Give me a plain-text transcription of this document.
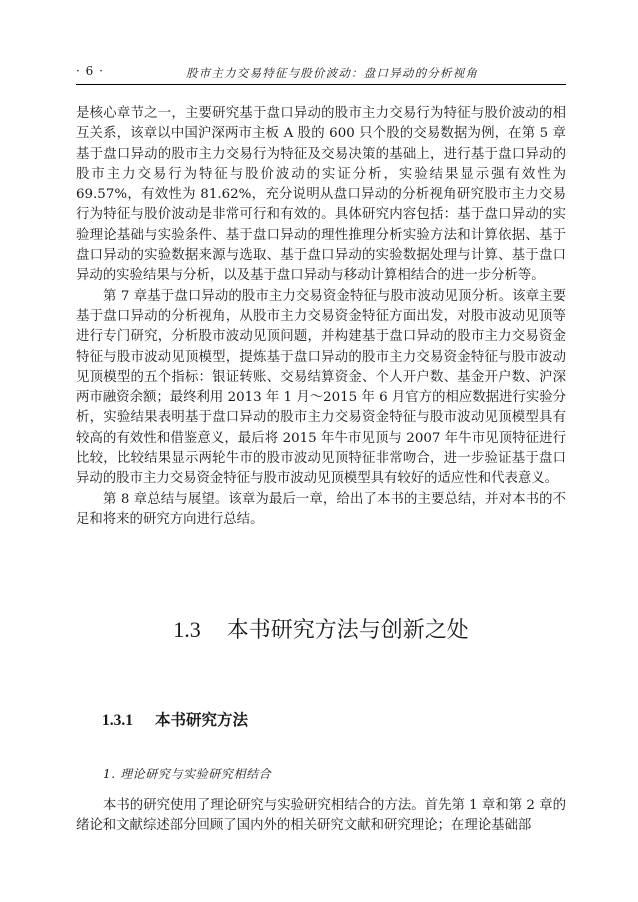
· 6 ·	股市主力交易特征与股价波动：盘口异动的分析视角

是核心章节之一，主要研究基于盘口异动的股市主力交易行为特征与股价波动的相互关系，该章以中国沪深两市主板 A 股的 600 只个股的交易数据为例，在第 5 章基于盘口异动的股市主力交易行为特征及交易决策的基础上，进行基于盘口异动的股市主力交易行为特征与股价波动的实证分析，实验结果显示强有效性为 69.57%，有效性为 81.62%，充分说明从盘口异动的分析视角研究股市主力交易行为特征与股价波动是非常可行和有效的。具体研究内容包括：基于盘口异动的实验理论基础与实验条件、基于盘口异动的理性推理分析实验方法和计算依据、基于盘口异动的实验数据来源与选取、基于盘口异动的实验数据处理与计算、基于盘口异动的实验结果与分析，以及基于盘口异动与移动计算相结合的进一步分析等。

第 7 章基于盘口异动的股市主力交易资金特征与股市波动见顶分析。该章主要基于盘口异动的分析视角，从股市主力交易资金特征方面出发，对股市波动见顶等进行专门研究，分析股市波动见顶问题，并构建基于盘口异动的股市主力交易资金特征与股市波动见顶模型，提炼基于盘口异动的股市主力交易资金特征与股市波动见顶模型的五个指标：银证转账、交易结算资金、个人开户数、基金开户数、沪深两市融资余额；最终利用 2013 年 1 月～2015 年 6 月官方的相应数据进行实验分析，实验结果表明基于盘口异动的股市主力交易资金特征与股市波动见顶模型具有较高的有效性和借鉴意义，最后将 2015 年牛市见顶与 2007 年牛市见顶特征进行比较，比较结果显示两轮牛市的股市波动见顶特征非常吻合，进一步验证基于盘口异动的股市主力交易资金特征与股市波动见顶模型具有较好的适应性和代表意义。

第 8 章总结与展望。该章为最后一章，给出了本书的主要总结，并对本书的不足和将来的研究方向进行总结。

1.3 本书研究方法与创新之处
1.3.1 本书研究方法
1. 理论研究与实验研究相结合

本书的研究使用了理论研究与实验研究相结合的方法。首先第 1 章和第 2 章的绪论和文献综述部分回顾了国内外的相关研究文献和研究理论；在理论基础部
